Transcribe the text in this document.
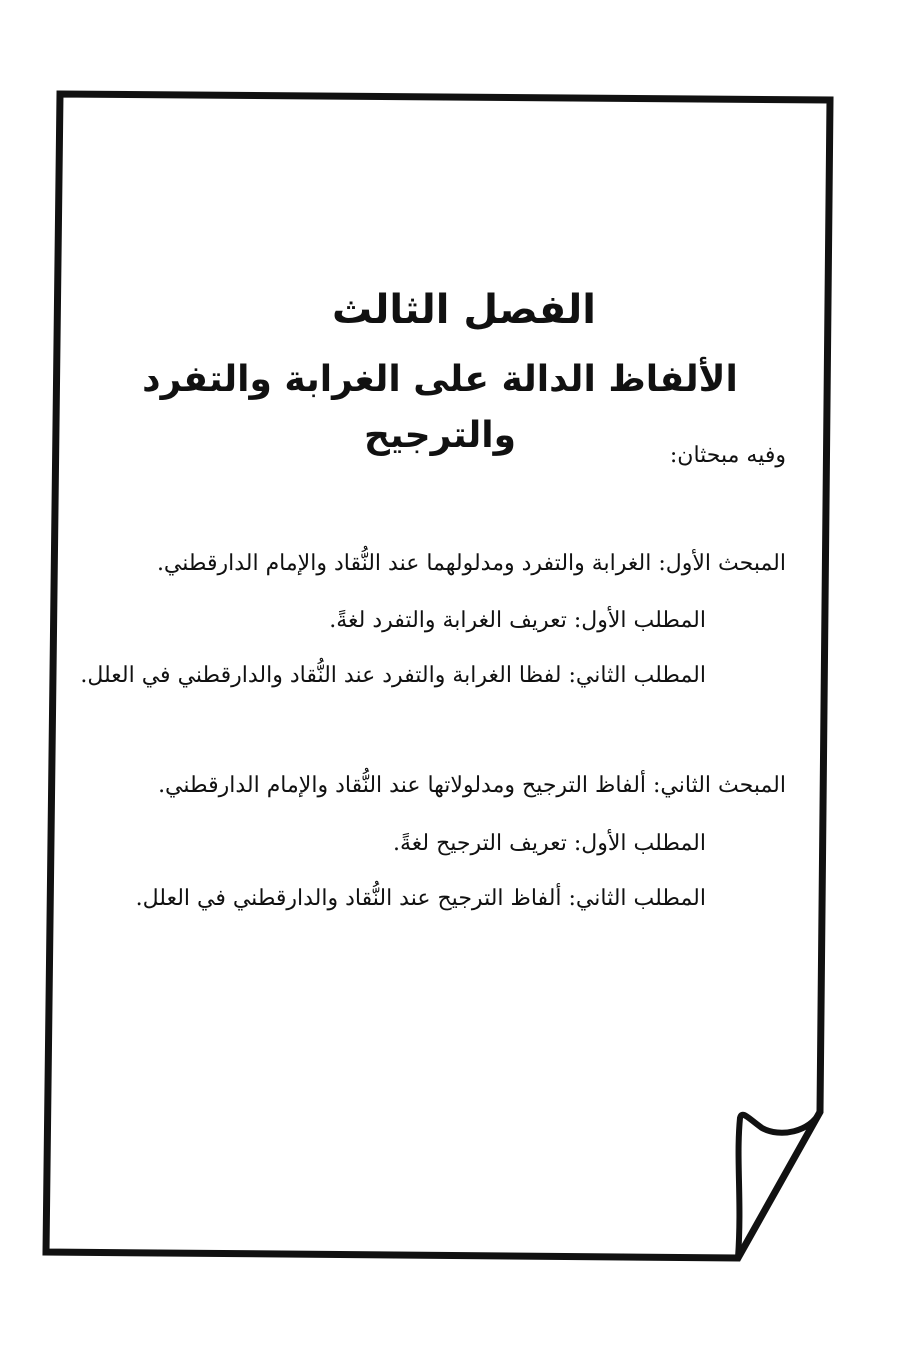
الفصل الثالث
الألفاظ الدالة على الغرابة والتفرد والترجيح	وفيه مبحثان:
المبحث الأول: الغرابة والتفرد ومدلولهما عند النُّقاد والإمام الدارقطني.
المطلب الأول: تعريف الغرابة والتفرد لغةً.
المطلب الثاني: لفظا الغرابة والتفرد عند النُّقاد والدارقطني في العلل.
المبحث الثاني: ألفاظ الترجيح ومدلولاتها عند النُّقاد والإمام الدارقطني.
المطلب الأول: تعريف الترجيح لغةً.
المطلب الثاني: ألفاظ الترجيح عند النُّقاد والدارقطني في العلل.
